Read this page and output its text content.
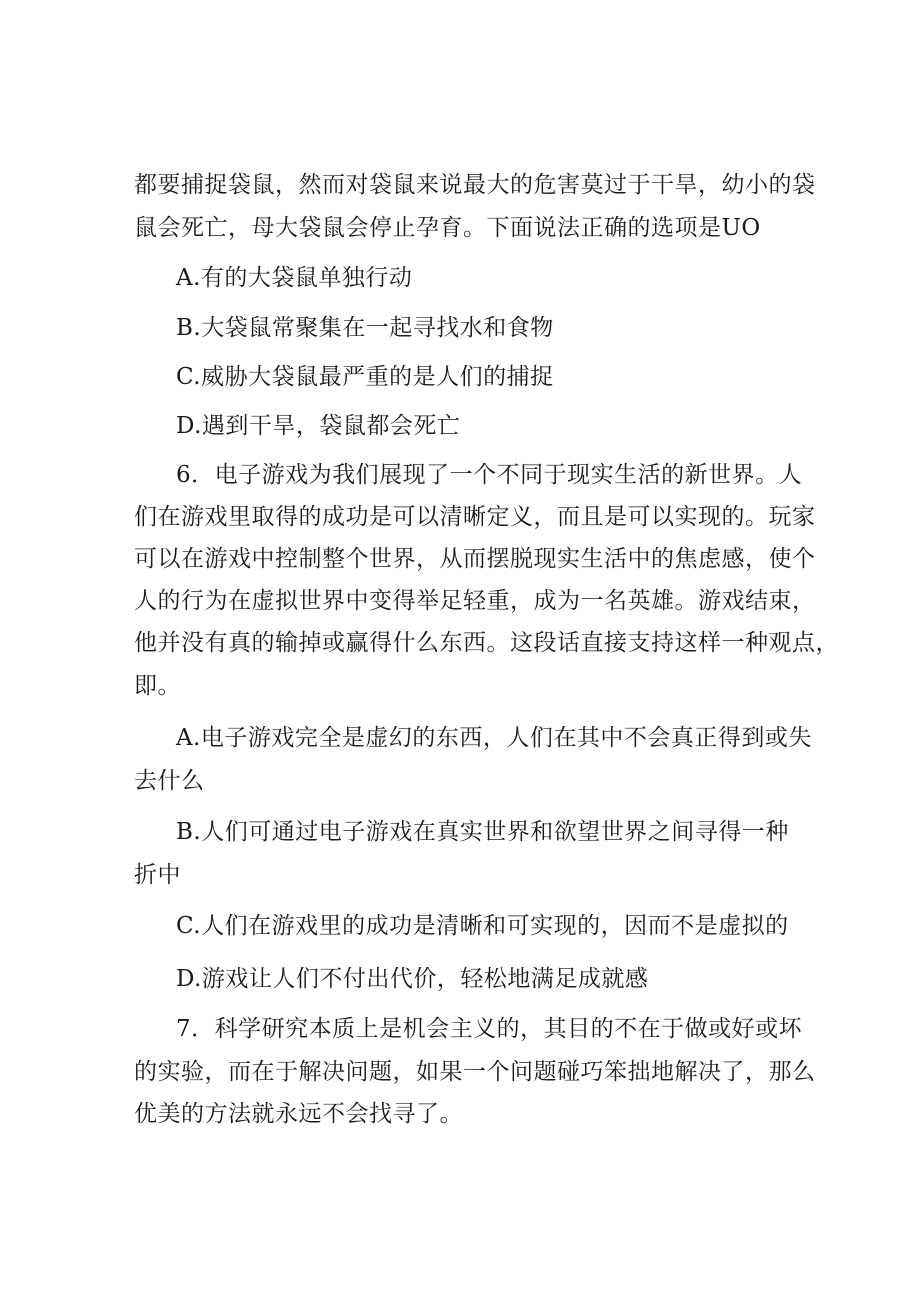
都要捕捉袋鼠，然而对袋鼠来说最大的危害莫过于干旱，幼小的袋
鼠会死亡，母大袋鼠会停止孕育。下面说法正确的选项是UO
A.有的大袋鼠单独行动
B.大袋鼠常聚集在一起寻找水和食物
C.威胁大袋鼠最严重的是人们的捕捉
D.遇到干旱，袋鼠都会死亡
6．电子游戏为我们展现了一个不同于现实生活的新世界。人
们在游戏里取得的成功是可以清晰定义，而且是可以实现的。玩家
可以在游戏中控制整个世界，从而摆脱现实生活中的焦虑感，使个
人的行为在虚拟世界中变得举足轻重，成为一名英雄。游戏结束，
他并没有真的输掉或赢得什么东西。这段话直接支持这样一种观点，
即。
A.电子游戏完全是虚幻的东西，人们在其中不会真正得到或失
去什么
B.人们可通过电子游戏在真实世界和欲望世界之间寻得一种
折中
C.人们在游戏里的成功是清晰和可实现的，因而不是虚拟的
D.游戏让人们不付出代价，轻松地满足成就感
7．科学研究本质上是机会主义的，其目的不在于做或好或坏
的实验，而在于解决问题，如果一个问题碰巧笨拙地解决了，那么
优美的方法就永远不会找寻了。
